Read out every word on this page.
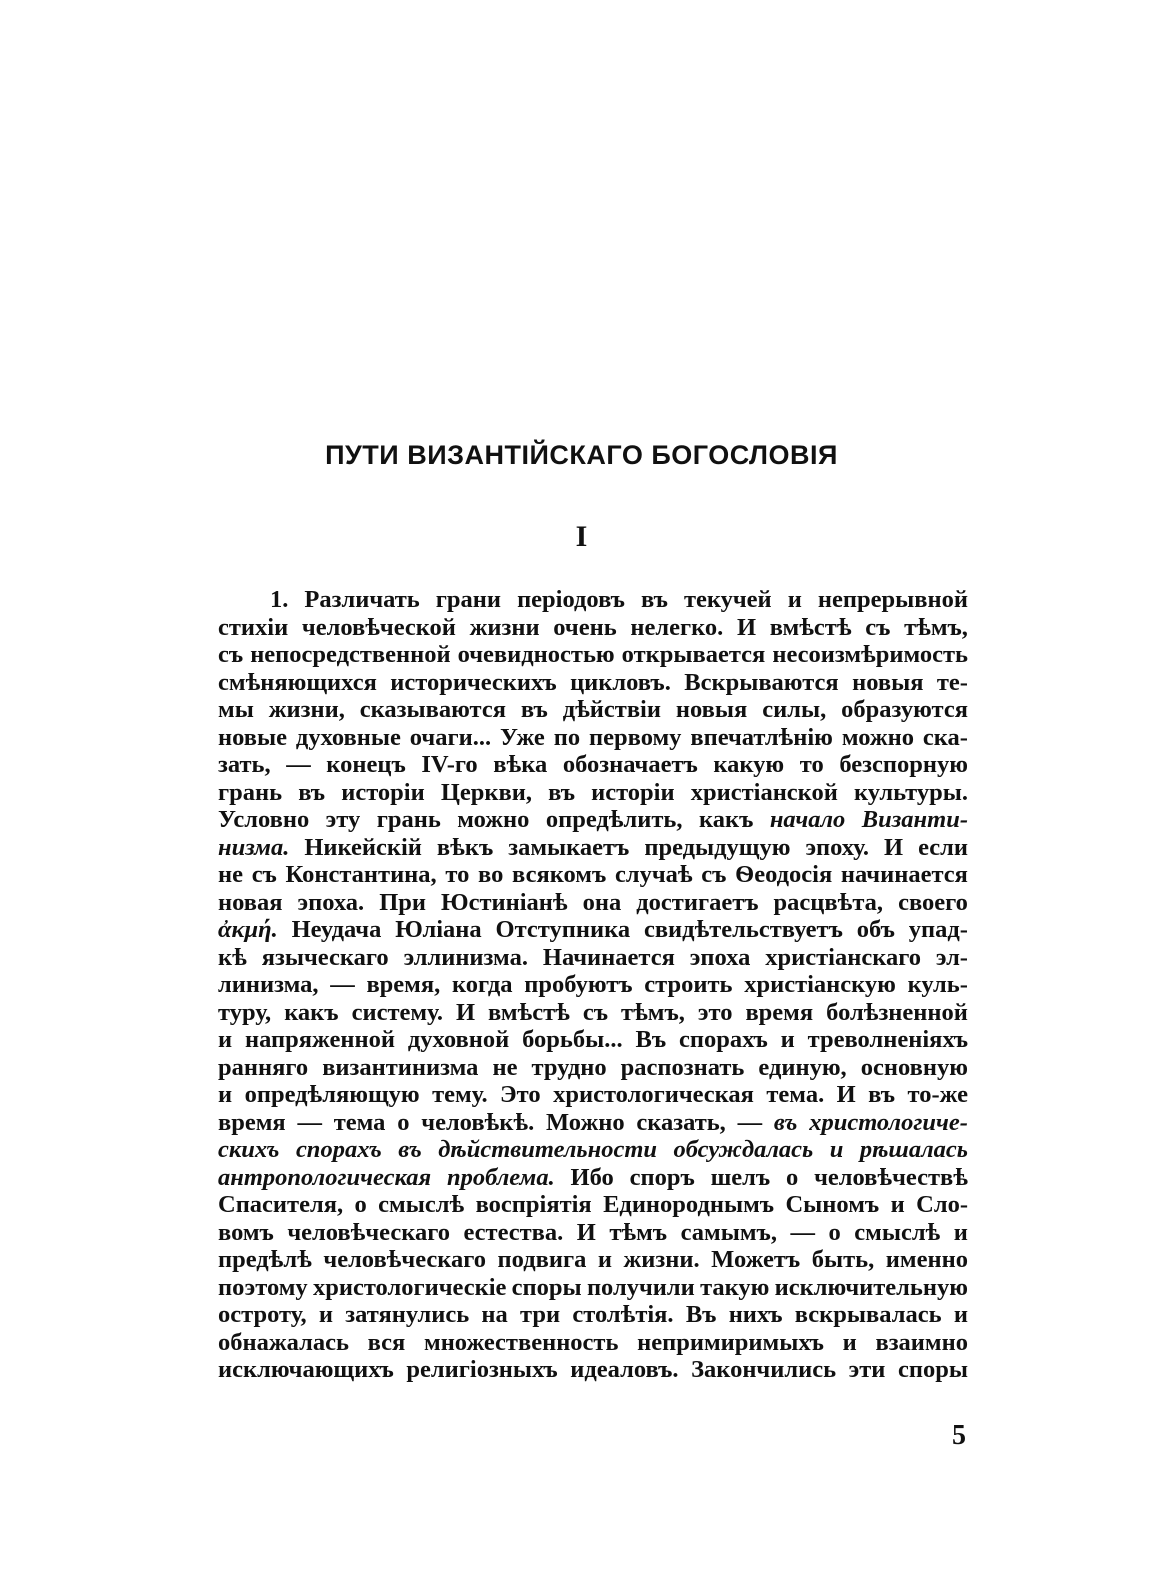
ПУТИ ВИЗАНТІЙСКАГО БОГОСЛОВІЯ
I
1. Различать грани періодовъ въ текучей и непрерывной
стихіи человѣческой жизни очень нелегко. И вмѣстѣ съ тѣмъ,
съ непосредственной очевидностью открывается несоизмѣримость
смѣняющихся историческихъ цикловъ. Вскрываются новыя те-
мы жизни, сказываются въ дѣйствіи новыя силы, образуются
новые духовные очаги... Уже по первому впечатлѣнію можно ска-
зать, — конецъ IV-го вѣка обозначаетъ какую то безспорную
грань въ исторіи Церкви, въ исторіи христіанской культуры.
Условно эту грань можно опредѣлить, какъ начало Византи-
низма. Никейскій вѣкъ замыкаетъ предыдущую эпоху. И если
не съ Константина, то во всякомъ случаѣ съ Ѳеодосія начинается
новая эпоха. При Юстиніанѣ она достигаетъ расцвѣта, своего
ἀκμή. Неудача Юліана Отступника свидѣтельствуетъ объ упад-
кѣ языческаго эллинизма. Начинается эпоха христіанскаго эл-
линизма, — время, когда пробуютъ строить христіанскую куль-
туру, какъ систему. И вмѣстѣ съ тѣмъ, это время болѣзненной
и напряженной духовной борьбы... Въ спорахъ и треволненіяхъ
ранняго византинизма не трудно распознать единую, основную
и опредѣляющую тему. Это христологическая тема. И въ то-же
время — тема о человѣкѣ. Можно сказать, — въ христологиче-
скихъ спорахъ въ дѣйствительности обсуждалась и рѣшалась
антропологическая проблема. Ибо споръ шелъ о человѣчествѣ
Спасителя, о смыслѣ воспріятія Единороднымъ Сыномъ и Сло-
вомъ человѣческаго естества. И тѣмъ самымъ, — о смыслѣ и
предѣлѣ человѣческаго подвига и жизни. Можетъ быть, именно
поэтому христологическіе споры получили такую исключительную
остроту, и затянулись на три столѣтія. Въ нихъ вскрывалась и
обнажалась вся множественность непримиримыхъ и взаимно
исключающихъ религіозныхъ идеаловъ. Закончились эти споры
5
